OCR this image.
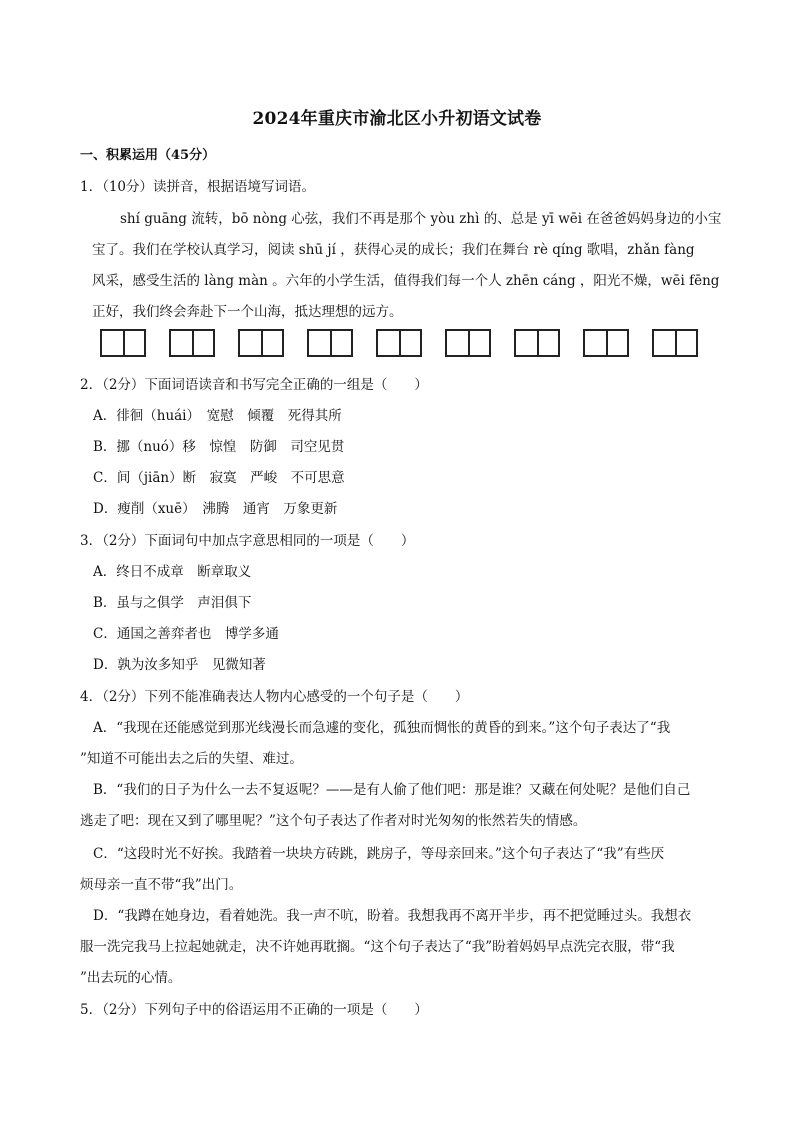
2024年重庆市渝北区小升初语文试卷
一、积累运用（45分）
1．（10分）读拼音，根据语境写词语。
shí guāng 流转，bō nòng 心弦，我们不再是那个 yòu zhì 的、总是 yī wēi 在爸爸妈妈身边的小宝
宝了。我们在学校认真学习，阅读 shū jí ，获得心灵的成长；我们在舞台 rè qíng 歌唱，zhǎn fàng
风采，感受生活的 làng màn 。六年的小学生活，值得我们每一个人 zhēn cáng ，阳光不燥，wēi fēng
正好，我们终会奔赴下一个山海，抵达理想的远方。
2．（2分）下面词语读音和书写完全正确的一组是（　　）
A．徘徊（huái）　宽慰　倾覆　死得其所
B．挪（nuó）移　惊惶　防御　司空见贯
C．间（jiān）断　寂寞　严峻　不可思意
D．瘦削（xuē）　沸腾　通宵　万象更新
3．（2分）下面词句中加点字意思相同的一项是（　　）
A．终日不成章　断章取义
B．虽与之俱学　声泪俱下
C．通国之善弈者也　博学多通
D．孰为汝多知乎　见微知著
4．（2分）下列不能准确表达人物内心感受的一个句子是（　　）
A．“我现在还能感觉到那光线漫长而急遽的变化，孤独而惆怅的黄昏的到来。”这个句子表达了“我
”知道不可能出去之后的失望、难过。
B．“我们的日子为什么一去不复返呢？——是有人偷了他们吧：那是谁？又藏在何处呢？是他们自己
逃走了吧：现在又到了哪里呢？”这个句子表达了作者对时光匆匆的怅然若失的情感。
C．“这段时光不好挨。我踏着一块块方砖跳，跳房子，等母亲回来。”这个句子表达了“我”有些厌
烦母亲一直不带“我”出门。
D．“我蹲在她身边，看着她洗。我一声不吭，盼着。我想我再不离开半步，再不把觉睡过头。我想衣
服一洗完我马上拉起她就走，决不许她再耽搁。“这个句子表达了“我”盼着妈妈早点洗完衣服，带“我
”出去玩的心情。
5．（2分）下列句子中的俗语运用不正确的一项是（　　）
